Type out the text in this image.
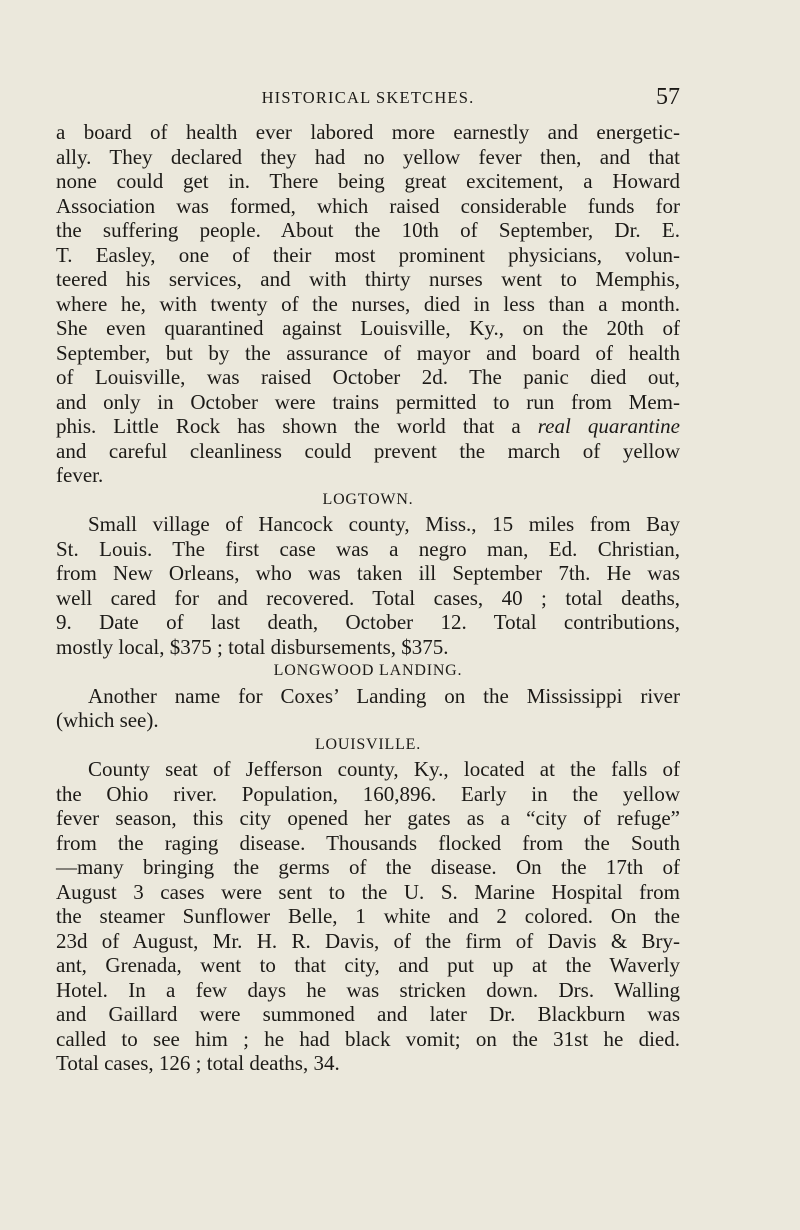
HISTORICAL SKETCHES.	57
a board of health ever labored more earnestly and energetic-
ally. They declared they had no yellow fever then, and that
none could get in. There being great excitement, a Howard
Association was formed, which raised considerable funds for
the suffering people. About the 10th of September, Dr. E.
T. Easley, one of their most prominent physicians, volun-
teered his services, and with thirty nurses went to Memphis,
where he, with twenty of the nurses, died in less than a month.
She even quarantined against Louisville, Ky., on the 20th of
September, but by the assurance of mayor and board of health
of Louisville, was raised October 2d. The panic died out,
and only in October were trains permitted to run from Mem-
phis. Little Rock has shown the world that a real quarantine
and careful cleanliness could prevent the march of yellow
fever.
LOGTOWN.
Small village of Hancock county, Miss., 15 miles from Bay
St. Louis. The first case was a negro man, Ed. Christian,
from New Orleans, who was taken ill September 7th. He was
well cared for and recovered. Total cases, 40 ; total deaths,
9. Date of last death, October 12. Total contributions,
mostly local, $375 ; total disbursements, $375.
LONGWOOD LANDING.
Another name for Coxes’ Landing on the Mississippi river
(which see).
LOUISVILLE.
County seat of Jefferson county, Ky., located at the falls of
the Ohio river. Population, 160,896. Early in the yellow
fever season, this city opened her gates as a “city of refuge”
from the raging disease. Thousands flocked from the South
—many bringing the germs of the disease. On the 17th of
August 3 cases were sent to the U. S. Marine Hospital from
the steamer Sunflower Belle, 1 white and 2 colored. On the
23d of August, Mr. H. R. Davis, of the firm of Davis & Bry-
ant, Grenada, went to that city, and put up at the Waverly
Hotel. In a few days he was stricken down. Drs. Walling
and Gaillard were summoned and later Dr. Blackburn was
called to see him ; he had black vomit; on the 31st he died.
Total cases, 126 ; total deaths, 34.
